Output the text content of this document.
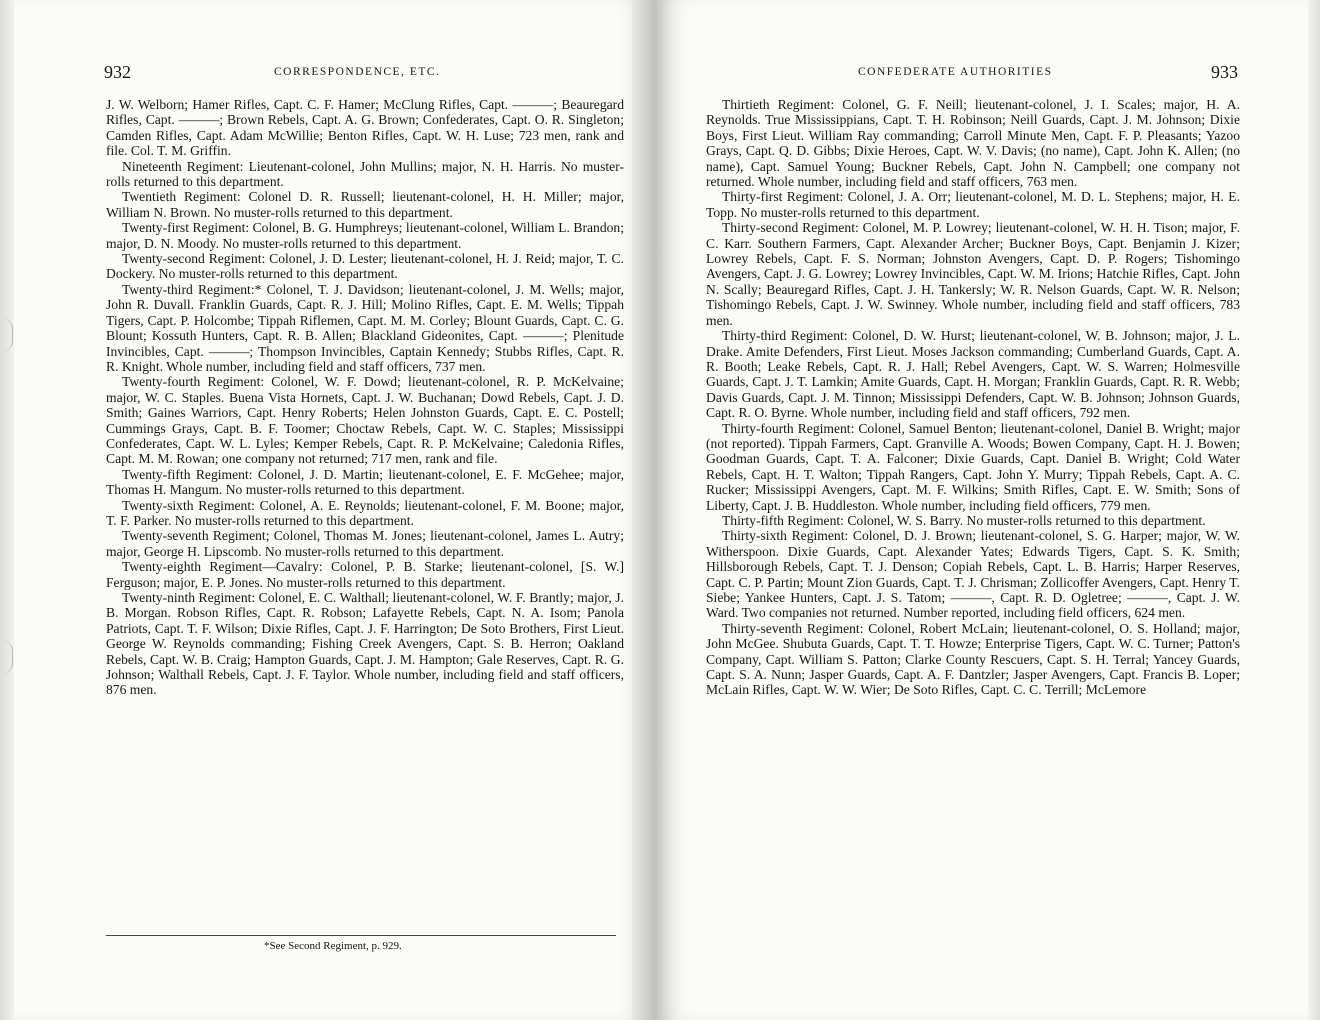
932	CORRESPONDENCE, ETC.

J. W. Welborn; Hamer Rifles, Capt. C. F. Hamer; McClung Rifles, Capt. ———; Beauregard Rifles, Capt. ———; Brown Rebels, Capt. A. G. Brown; Confederates, Capt. O. R. Singleton; Camden Rifles, Capt. Adam McWillie; Benton Rifles, Capt. W. H. Luse; 723 men, rank and file. Col. T. M. Griffin.

Nineteenth Regiment: Lieutenant-colonel, John Mullins; major, N. H. Harris. No muster-rolls returned to this department.

Twentieth Regiment: Colonel D. R. Russell; lieutenant-colonel, H. H. Miller; major, William N. Brown. No muster-rolls returned to this department.

Twenty-first Regiment: Colonel, B. G. Humphreys; lieutenant-colonel, William L. Brandon; major, D. N. Moody. No muster-rolls returned to this department.

Twenty-second Regiment: Colonel, J. D. Lester; lieutenant-colonel, H. J. Reid; major, T. C. Dockery. No muster-rolls returned to this department.

Twenty-third Regiment:* Colonel, T. J. Davidson; lieutenant-colonel, J. M. Wells; major, John R. Duvall. Franklin Guards, Capt. R. J. Hill; Molino Rifles, Capt. E. M. Wells; Tippah Tigers, Capt. P. Holcombe; Tippah Riflemen, Capt. M. M. Corley; Blount Guards, Capt. C. G. Blount; Kossuth Hunters, Capt. R. B. Allen; Blackland Gideonites, Capt. ———; Plenitude Invincibles, Capt. ———; Thompson Invincibles, Captain Kennedy; Stubbs Rifles, Capt. R. R. Knight. Whole number, including field and staff officers, 737 men.

Twenty-fourth Regiment: Colonel, W. F. Dowd; lieutenant-colonel, R. P. McKelvaine; major, W. C. Staples. Buena Vista Hornets, Capt. J. W. Buchanan; Dowd Rebels, Capt. J. D. Smith; Gaines Warriors, Capt. Henry Roberts; Helen Johnston Guards, Capt. E. C. Postell; Cummings Grays, Capt. B. F. Toomer; Choctaw Rebels, Capt. W. C. Staples; Mississippi Confederates, Capt. W. L. Lyles; Kemper Rebels, Capt. R. P. McKelvaine; Caledonia Rifles, Capt. M. M. Rowan; one company not returned; 717 men, rank and file.

Twenty-fifth Regiment: Colonel, J. D. Martin; lieutenant-colonel, E. F. McGehee; major, Thomas H. Mangum. No muster-rolls returned to this department.

Twenty-sixth Regiment: Colonel, A. E. Reynolds; lieutenant-colonel, F. M. Boone; major, T. F. Parker. No muster-rolls returned to this department.

Twenty-seventh Regiment; Colonel, Thomas M. Jones; lieutenant-colonel, James L. Autry; major, George H. Lipscomb. No muster-rolls returned to this department.

Twenty-eighth Regiment—Cavalry: Colonel, P. B. Starke; lieutenant-colonel, [S. W.] Ferguson; major, E. P. Jones. No muster-rolls returned to this department.

Twenty-ninth Regiment: Colonel, E. C. Walthall; lieutenant-colonel, W. F. Brantly; major, J. B. Morgan. Robson Rifles, Capt. R. Robson; Lafayette Rebels, Capt. N. A. Isom; Panola Patriots, Capt. T. F. Wilson; Dixie Rifles, Capt. J. F. Harrington; De Soto Brothers, First Lieut. George W. Reynolds commanding; Fishing Creek Avengers, Capt. S. B. Herron; Oakland Rebels, Capt. W. B. Craig; Hampton Guards, Capt. J. M. Hampton; Gale Reserves, Capt. R. G. Johnson; Walthall Rebels, Capt. J. F. Taylor. Whole number, including field and staff officers, 876 men.

*See Second Regiment, p. 929.
CONFEDERATE AUTHORITIES	933

Thirtieth Regiment: Colonel, G. F. Neill; lieutenant-colonel, J. I. Scales; major, H. A. Reynolds. True Mississippians, Capt. T. H. Robinson; Neill Guards, Capt. J. M. Johnson; Dixie Boys, First Lieut. William Ray commanding; Carroll Minute Men, Capt. F. P. Pleasants; Yazoo Grays, Capt. Q. D. Gibbs; Dixie Heroes, Capt. W. V. Davis; (no name), Capt. John K. Allen; (no name), Capt. Samuel Young; Buckner Rebels, Capt. John N. Campbell; one company not returned. Whole number, including field and staff officers, 763 men.

Thirty-first Regiment: Colonel, J. A. Orr; lieutenant-colonel, M. D. L. Stephens; major, H. E. Topp. No muster-rolls returned to this department.

Thirty-second Regiment: Colonel, M. P. Lowrey; lieutenant-colonel, W. H. H. Tison; major, F. C. Karr. Southern Farmers, Capt. Alexander Archer; Buckner Boys, Capt. Benjamin J. Kizer; Lowrey Rebels, Capt. F. S. Norman; Johnston Avengers, Capt. D. P. Rogers; Tishomingo Avengers, Capt. J. G. Lowrey; Lowrey Invincibles, Capt. W. M. Irions; Hatchie Rifles, Capt. John N. Scally; Beauregard Rifles, Capt. J. H. Tankersly; W. R. Nelson Guards, Capt. W. R. Nelson; Tishomingo Rebels, Capt. J. W. Swinney. Whole number, including field and staff officers, 783 men.

Thirty-third Regiment: Colonel, D. W. Hurst; lieutenant-colonel, W. B. Johnson; major, J. L. Drake. Amite Defenders, First Lieut. Moses Jackson commanding; Cumberland Guards, Capt. A. R. Booth; Leake Rebels, Capt. R. J. Hall; Rebel Avengers, Capt. W. S. Warren; Holmesville Guards, Capt. J. T. Lamkin; Amite Guards, Capt. H. Morgan; Franklin Guards, Capt. R. R. Webb; Davis Guards, Capt. J. M. Tinnon; Mississippi Defenders, Capt. W. B. Johnson; Johnson Guards, Capt. R. O. Byrne. Whole number, including field and staff officers, 792 men.

Thirty-fourth Regiment: Colonel, Samuel Benton; lieutenant-colonel, Daniel B. Wright; major (not reported). Tippah Farmers, Capt. Granville A. Woods; Bowen Company, Capt. H. J. Bowen; Goodman Guards, Capt. T. A. Falconer; Dixie Guards, Capt. Daniel B. Wright; Cold Water Rebels, Capt. H. T. Walton; Tippah Rangers, Capt. John Y. Murry; Tippah Rebels, Capt. A. C. Rucker; Mississippi Avengers, Capt. M. F. Wilkins; Smith Rifles, Capt. E. W. Smith; Sons of Liberty, Capt. J. B. Huddleston. Whole number, including field officers, 779 men.

Thirty-fifth Regiment: Colonel, W. S. Barry. No muster-rolls returned to this department.

Thirty-sixth Regiment: Colonel, D. J. Brown; lieutenant-colonel, S. G. Harper; major, W. W. Witherspoon. Dixie Guards, Capt. Alexander Yates; Edwards Tigers, Capt. S. K. Smith; Hillsborough Rebels, Capt. T. J. Denson; Copiah Rebels, Capt. L. B. Harris; Harper Reserves, Capt. C. P. Partin; Mount Zion Guards, Capt. T. J. Chrisman; Zollicoffer Avengers, Capt. Henry T. Siebe; Yankee Hunters, Capt. J. S. Tatom; ———, Capt. R. D. Ogletree; ———, Capt. J. W. Ward. Two companies not returned. Number reported, including field officers, 624 men.

Thirty-seventh Regiment: Colonel, Robert McLain; lieutenant-colonel, O. S. Holland; major, John McGee. Shubuta Guards, Capt. T. T. Howze; Enterprise Tigers, Capt. W. C. Turner; Patton's Company, Capt. William S. Patton; Clarke County Rescuers, Capt. S. H. Terral; Yancey Guards, Capt. S. A. Nunn; Jasper Guards, Capt. A. F. Dantzler; Jasper Avengers, Capt. Francis B. Loper; McLain Rifles, Capt. W. W. Wier; De Soto Rifles, Capt. C. C. Terrill; McLemore
